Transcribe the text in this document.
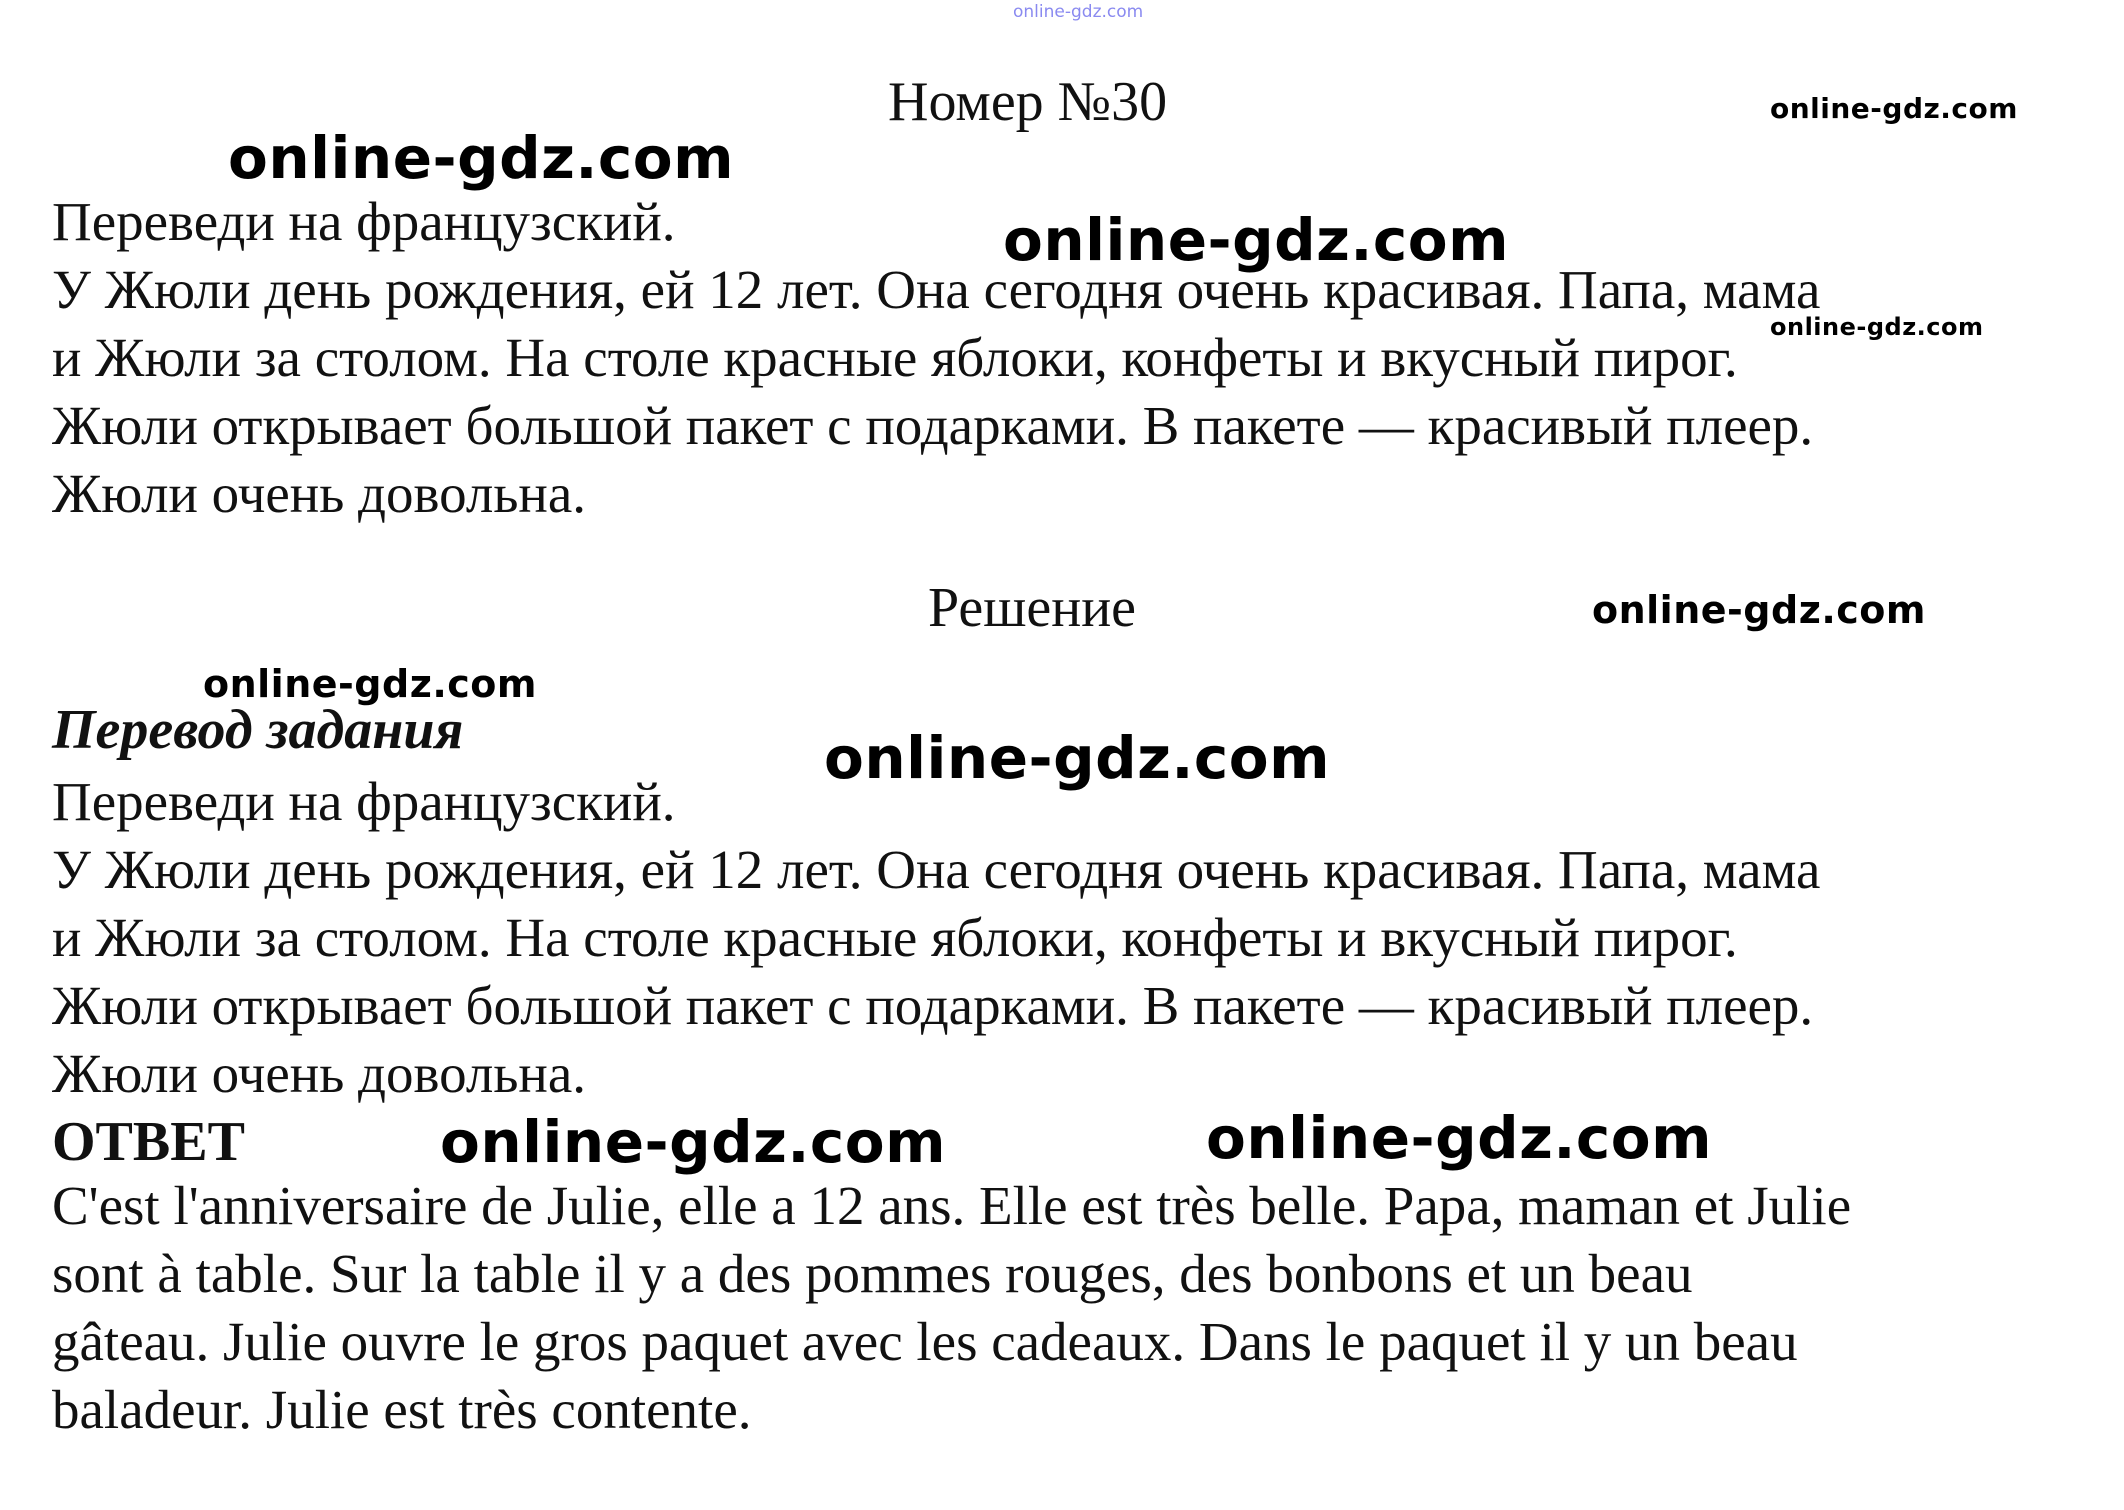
online-gdz.com
Номер №30	online-gdz.com
online-gdz.com
online-gdz.com

Переведи на французский.

У Жюли день рождения, ей 12 лет. Она сегодня очень красивая. Папа, мама

и Жюли за столом. На столе красные яблоки, конфеты и вкусный пирог.

Жюли открывает большой пакет с подарками. В пакете — красивый плеер.

Жюли очень довольна.

online-gdz.com
Решение	online-gdz.com
online-gdz.com
Перевод задания	online-gdz.com

Переведи на французский.

У Жюли день рождения, ей 12 лет. Она сегодня очень красивая. Папа, мама

и Жюли за столом. На столе красные яблоки, конфеты и вкусный пирог.

Жюли открывает большой пакет с подарками. В пакете — красивый плеер.

Жюли очень довольна.

ОТВЕТ	online-gdz.com	online-gdz.com

C'est l'anniversaire de Julie, elle a 12 ans. Elle est très belle. Papa, maman et Julie

sont à table. Sur la table il y a des pommes rouges, des bonbons et un beau

gâteau. Julie ouvre le gros paquet avec les cadeaux. Dans le paquet il y un beau

baladeur. Julie est très contente.
